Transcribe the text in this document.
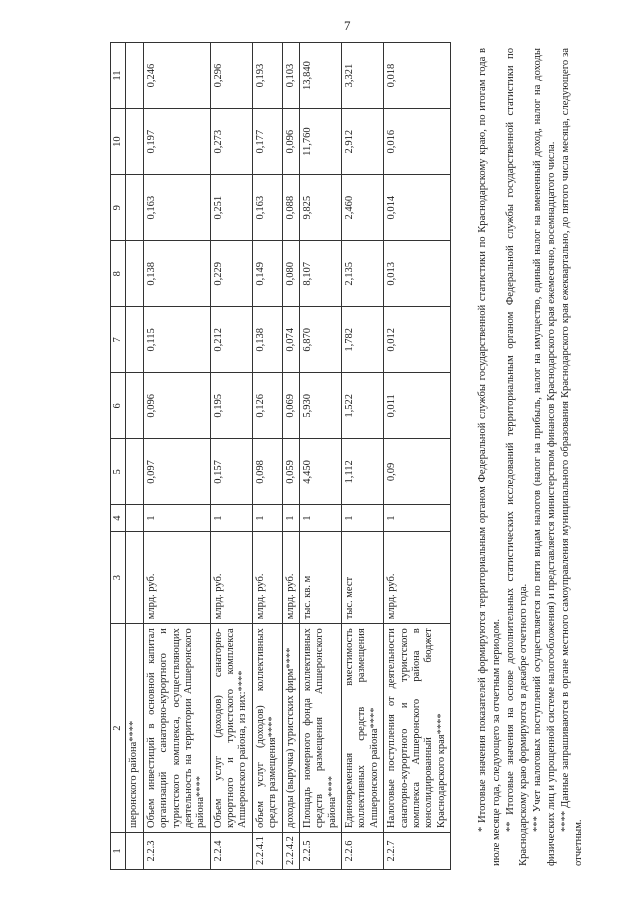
7
1	2	3	4	5	6	7	8	9	10	11
	шеронского района****									
2.2.3	Объем инвестиций в основной капитал организаций санаторно-курортного и туристского комплекса, осуществляющих деятельность на территории Апшеронского района****	млрд. руб.	1	0,097	0,096	0,115	0,138	0,163	0,197	0,246
2.2.4	Объем услуг (доходов) санаторно-курортного и туристского комплекса Апшеронского района, из них:****	млрд. руб.	1	0,157	0,195	0,212	0,229	0,251	0,273	0,296
2.2.4.1	объем услуг (доходов) коллективных средств размещения****	млрд. руб.	1	0,098	0,126	0,138	0,149	0,163	0,177	0,193
2.2.4.2	доходы (выручка) туристских фирм****	млрд. руб.	1	0,059	0,069	0,074	0,080	0,088	0,096	0,103
2.2.5	Площадь номерного фонда коллективных средств размещения Апшеронского района****	тыс. кв. м	1	4,450	5,930	6,870	8,107	9,825	11,760	13,840
2.2.6	Единовременная вместимость коллективных средств размещения Апшеронского района****	тыс. мест	1	1,112	1,522	1,782	2,135	2,460	2,912	3,321
2.2.7	Налоговые поступления от деятельности санаторно-курортного и туристского комплекса Апшеронского района в консолидированный бюджет Краснодарского края****	млрд. руб.	1	0,09	0,011	0,012	0,013	0,014	0,016	0,018	* Итоговые значения показателей формируются территориальным органом Федеральной службы государственной статистики по Краснодарскому краю, по итогам года в июле месяце года, следующего за отчетным периодом. ** Итоговые значения на основе дополнительных статистических исследований территориальным органом Федеральной службы государственной статистики по Краснодарскому краю формируются в декабре отчетного года. *** Учет налоговых поступлений осуществляется по пяти видам налогов (налог на прибыль, налог на имущество, единый налог на вмененный доход, налог на доходы физических лиц и упрощенной системе налогообложения) и представляется министерством финансов Краснодарского края ежемесячно, восемнадцатого числа. **** Данные запрашиваются в органе местного самоуправления муниципального образования Краснодарского края ежеквартально, до пятого числа месяца, следующего за отчетным.
